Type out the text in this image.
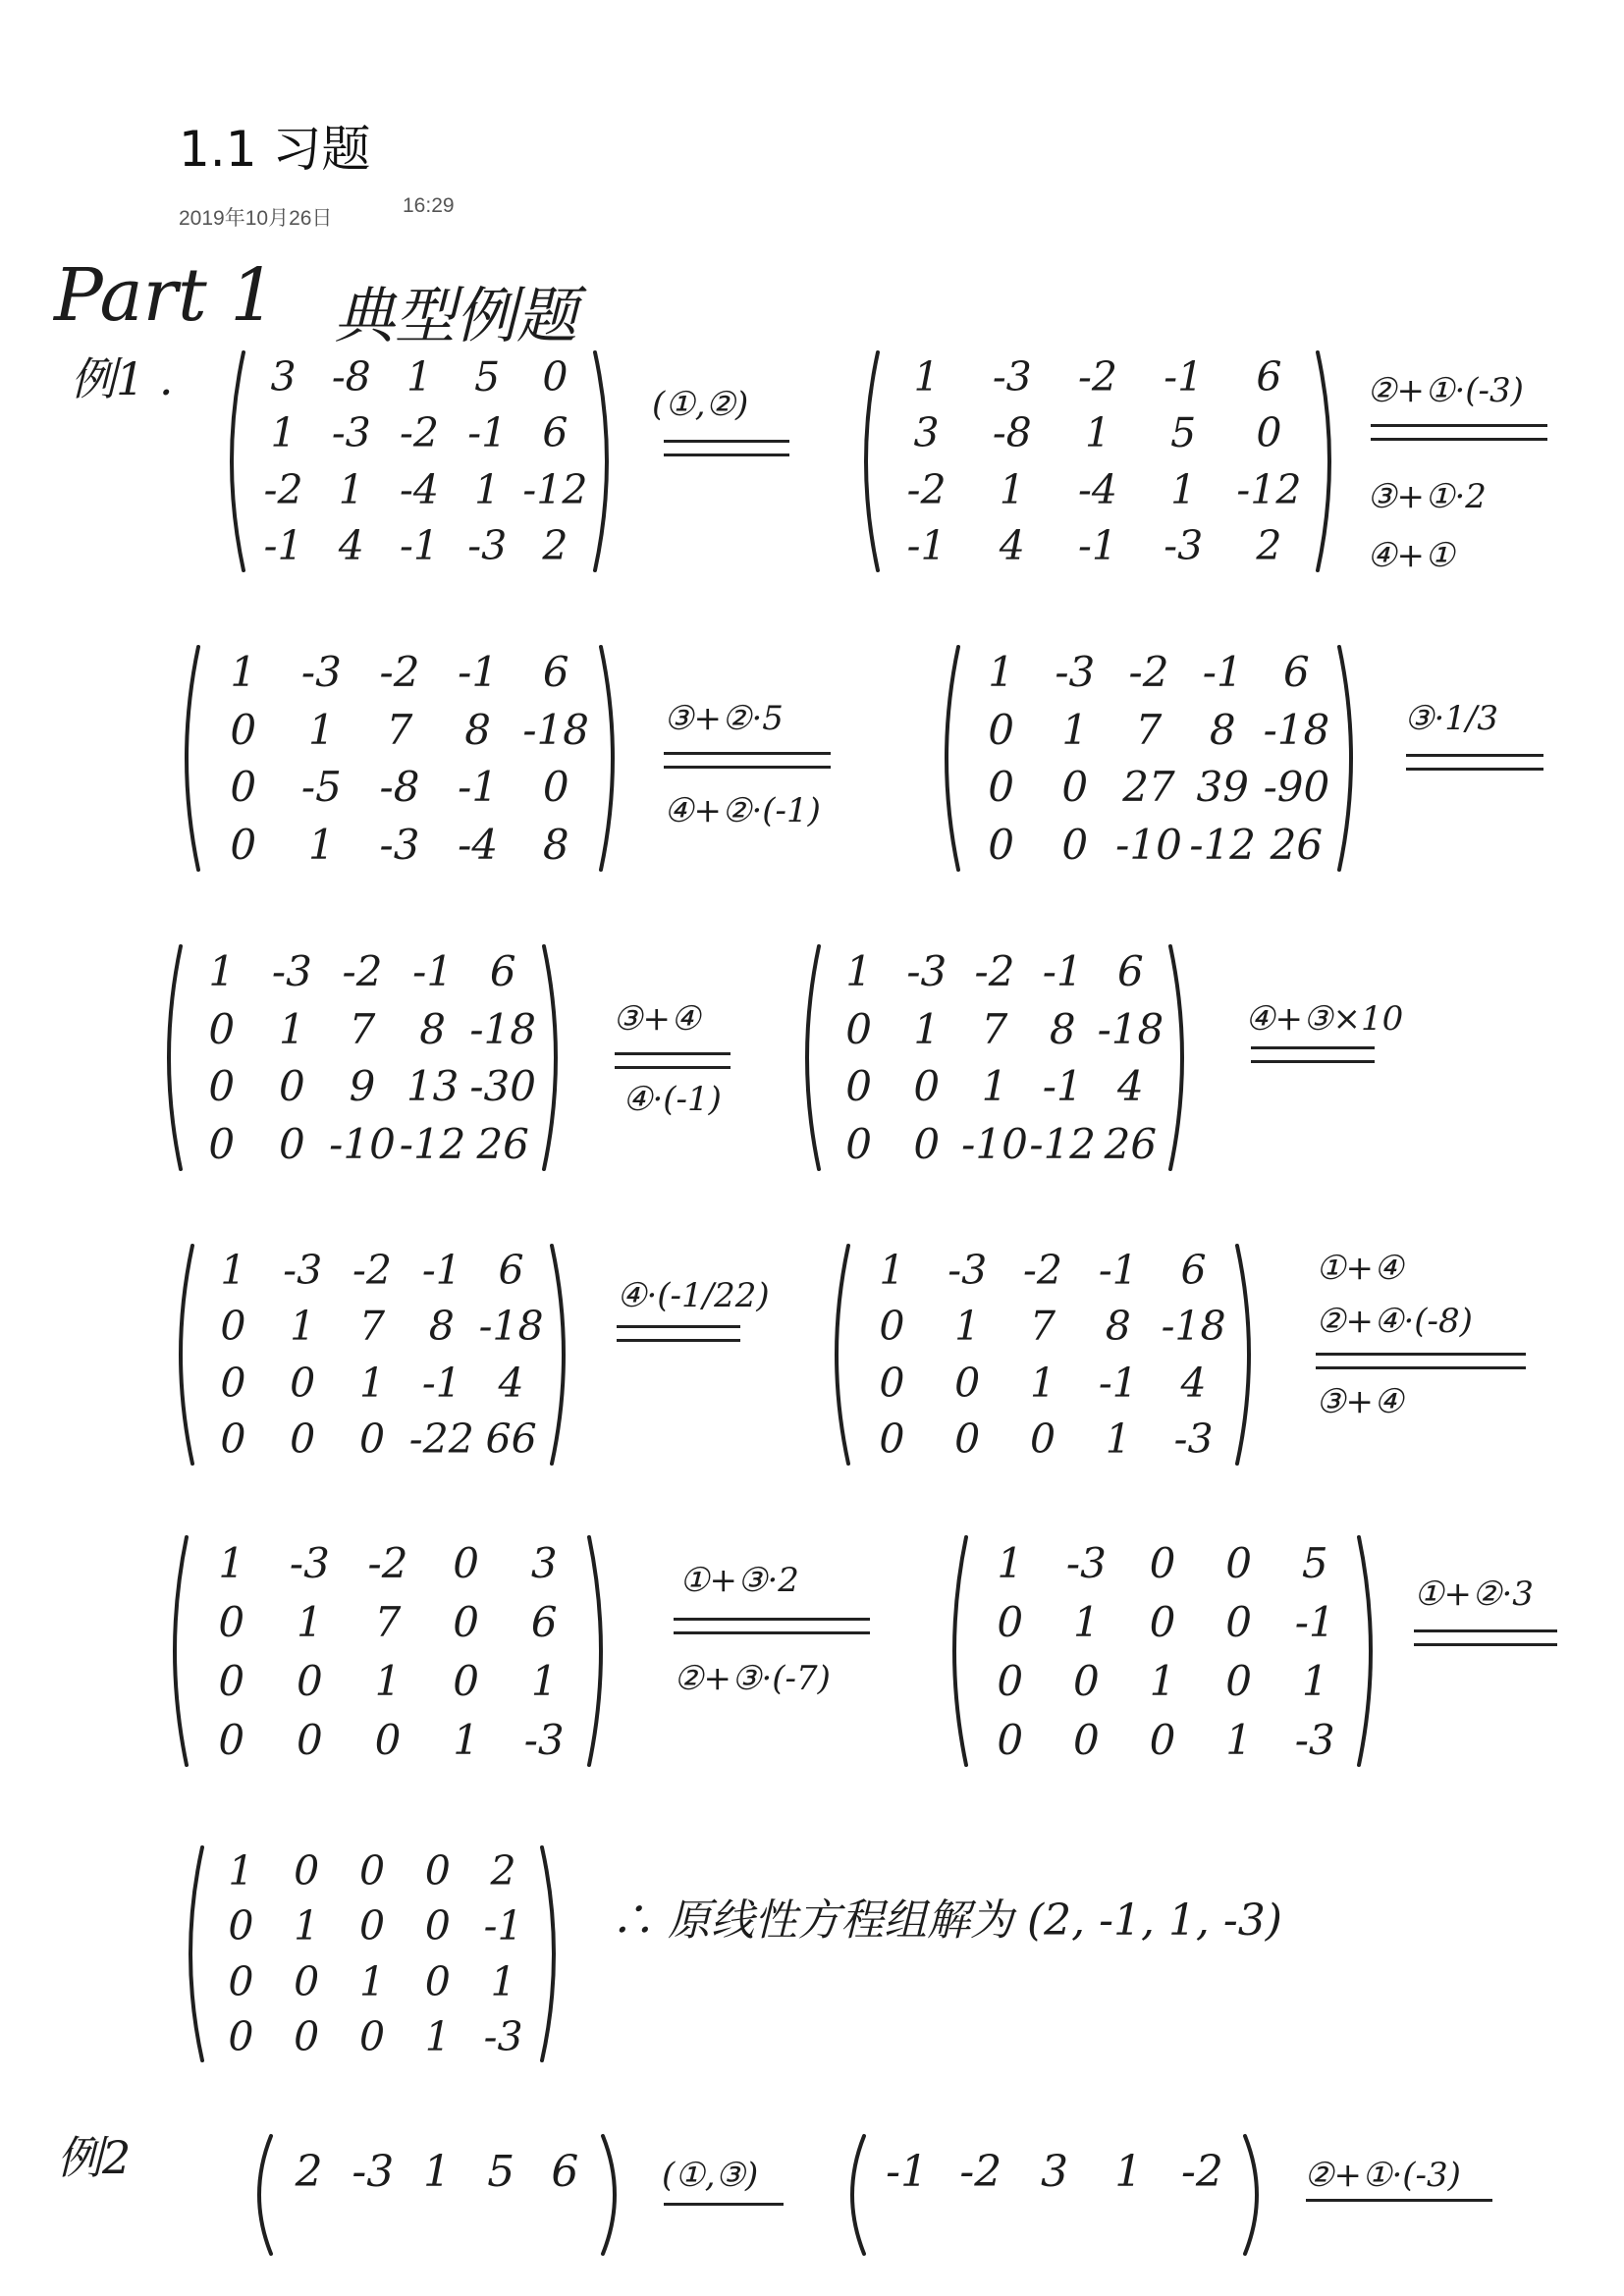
1.1 习题
2019年10月26日
16:29
Part 1 典型例题
例1 . 3 -8 1 5 0
1 -3 -2 -1 6
-2 1 -4 1 -12
-1 4 -1 -3 2
1 -3 -2 -1 6
3 -8 1 5 0
-2 1 -4 1 -12
-1 4 -1 -3 2
1 -3 -2 -1 6
0 1 7 8 -18
0 -5 -8 -1 0
0 1 -3 -4 8
1 -3 -2 -1 6
0 1 7 8 -18
0 0 27 39 -90
0 0 -10 -12 26
1 -3 -2 -1 6
0 1 7 8 -18
0 0 9 13 -30
0 0 -10 -12 26
1 -3 -2 -1 6
0 1 7 8 -18
0 0 1 -1 4
0 0 -10 -12 26
1 -3 -2 -1 6
0 1 7 8 -18
0 0 1 -1 4
0 0 0 -22 66
1 -3 -2 -1 6
0 1 7 8 -18
0 0 1 -1 4
0 0 0 1 -3
1 -3 -2 0 3
0 1 7 0 6
0 0 1 0 1
0 0 0 1 -3
1 -3 0 0 5
0 1 0 0 -1
0 0 1 0 1
0 0 0 1 -3
1 0 0 0 2
0 1 0 0 -1
0 0 1 0 1
0 0 0 1 -3
(①,②)	②+①·(-3)
③+①·2
④+①
③+②·5
④+②·(-1)
③·1/3
③+④
④·(-1)
④+③×10
④·(-1/22)
①+④
②+④·(-8)
③+④
①+③·2
②+③·(-7)
①+②·3
∴ 原线性方程组解为 (2, -1, 1, -3)
例2	2 -3 1 5 6 (①,③)	-1 -2 3 1 -2 ②+①·(-3)
